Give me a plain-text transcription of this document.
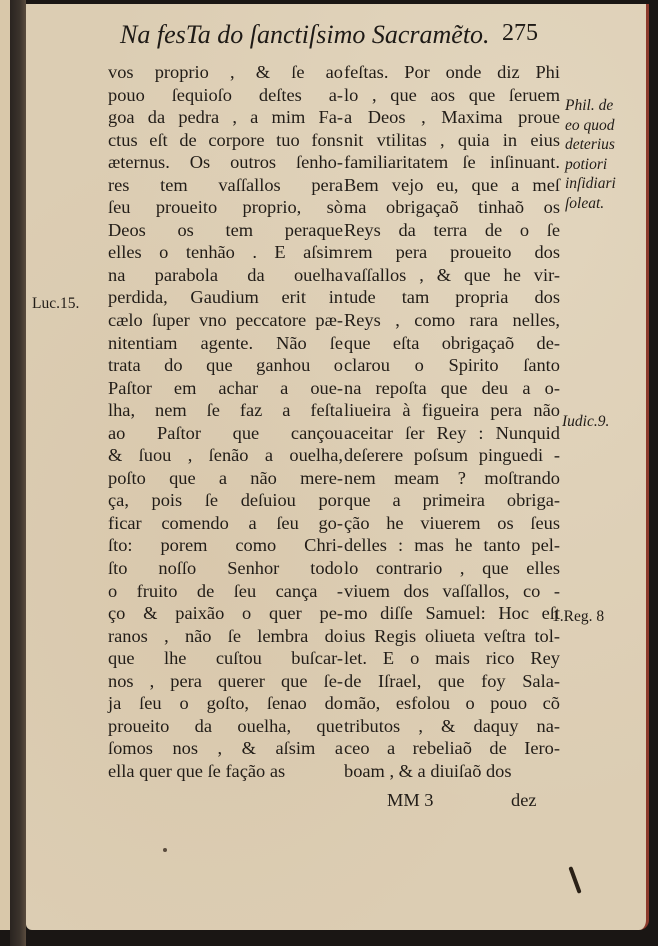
Na fesTa do ſanctiſsimo Sacramẽto. 275
vos proprio , & ſe ao
pouo ſequioſo deſtes a-
goa da pedra , a mim Fa-
ctus eſt de corpore tuo fons
æternus. Os outros ſenho-
res tem vaſſallos pera
ſeu proueito proprio, sò
Deos os tem peraque
elles o tenhão . E aſsim
na parabola da ouelha
perdida, Gaudium erit in
cælo ſuper vno peccatore pæ-
nitentiam agente. Não ſe
trata do que ganhou o
Paſtor em achar a oue-
lha, nem ſe faz a feſta
ao Paſtor que cançou
& ſuou , ſenão a ouelha,
poſto que a não mere-
ça, pois ſe deſuiou por
ficar comendo a ſeu go-
ſto: porem como Chri-
ſto noſſo Senhor todo
o fruito de ſeu cança -
ço & paixão o quer pe-
ranos , não ſe lembra do
que lhe cuſtou buſcar-
nos , pera querer que ſe-
ja ſeu o goſto, ſenao do
proueito da ouelha, que
ſomos nos , & aſsim a
ella quer que ſe fação as
feſtas. Por onde diz Phi
lo , que aos que ſeruem
a Deos , Maxima proue
nit vtilitas , quia in eius
familiaritatem ſe inſinuant.
Bem vejo eu, que a meſ
ma obrigaçaõ tinhaõ os
Reys da terra de o ſe
rem pera proueito dos
vaſſallos , & que he vir-
tude tam propria dos
Reys , como rara nelles,
que eſta obrigaçaõ de-
clarou o Spirito ſanto
na repoſta que deu a o-
liueira à figueira pera não
aceitar ſer Rey : Nunquid
deſerere poſsum pinguedi -
nem meam ? moſtrando
que a primeira obriga-
ção he viuerem os ſeus
delles : mas he tanto pel-
lo contrario , que elles
viuem dos vaſſallos, co -
mo diſſe Samuel: Hoc eſt
ius Regis oliueta veſtra tol-
let. E o mais rico Rey
de Iſrael, que foy Sala-
mão, esfolou o pouo cõ
tributos , & daquy na-
ceo a rebeliaõ de Iero-
boam , & a diuiſaõ dos
Luc.15.
Phil. de
eo quod
deterius
potiori
inſidiari
ſoleat.
Iudic.9.
1.Reg. 8
MM 3	dez
